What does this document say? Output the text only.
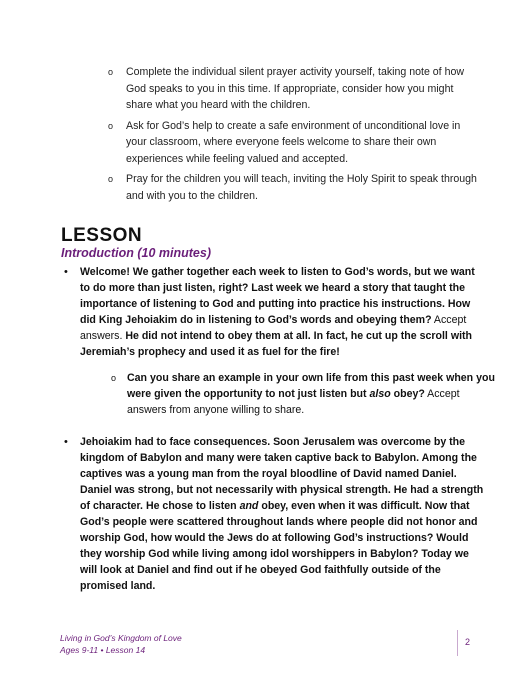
o Complete the individual silent prayer activity yourself, taking note of how God speaks to you in this time. If appropriate, consider how you might share what you heard with the children.
o Ask for God’s help to create a safe environment of unconditional love in your classroom, where everyone feels welcome to share their own experiences while feeling valued and accepted.
o Pray for the children you will teach, inviting the Holy Spirit to speak through and with you to the children.
LESSON
Introduction (10 minutes)
• Welcome! We gather together each week to listen to God’s words, but we want to do more than just listen, right? Last week we heard a story that taught the importance of listening to God and putting into practice his instructions. How did King Jehoiakim do in listening to God’s words and obeying them? Accept answers. He did not intend to obey them at all. In fact, he cut up the scroll with Jeremiah’s prophecy and used it as fuel for the fire!
o Can you share an example in your own life from this past week when you were given the opportunity to not just listen but also obey? Accept answers from anyone willing to share.
• Jehoiakim had to face consequences. Soon Jerusalem was overcome by the kingdom of Babylon and many were taken captive back to Babylon. Among the captives was a young man from the royal bloodline of David named Daniel. Daniel was strong, but not necessarily with physical strength. He had a strength of character. He chose to listen and obey, even when it was difficult. Now that God’s people were scattered throughout lands where people did not honor and worship God, how would the Jews do at following God’s instructions? Would they worship God while living among idol worshippers in Babylon? Today we will look at Daniel and find out if he obeyed God faithfully outside of the promised land.
Living in God’s Kingdom of Love
Ages 9-11 • Lesson 14
2
